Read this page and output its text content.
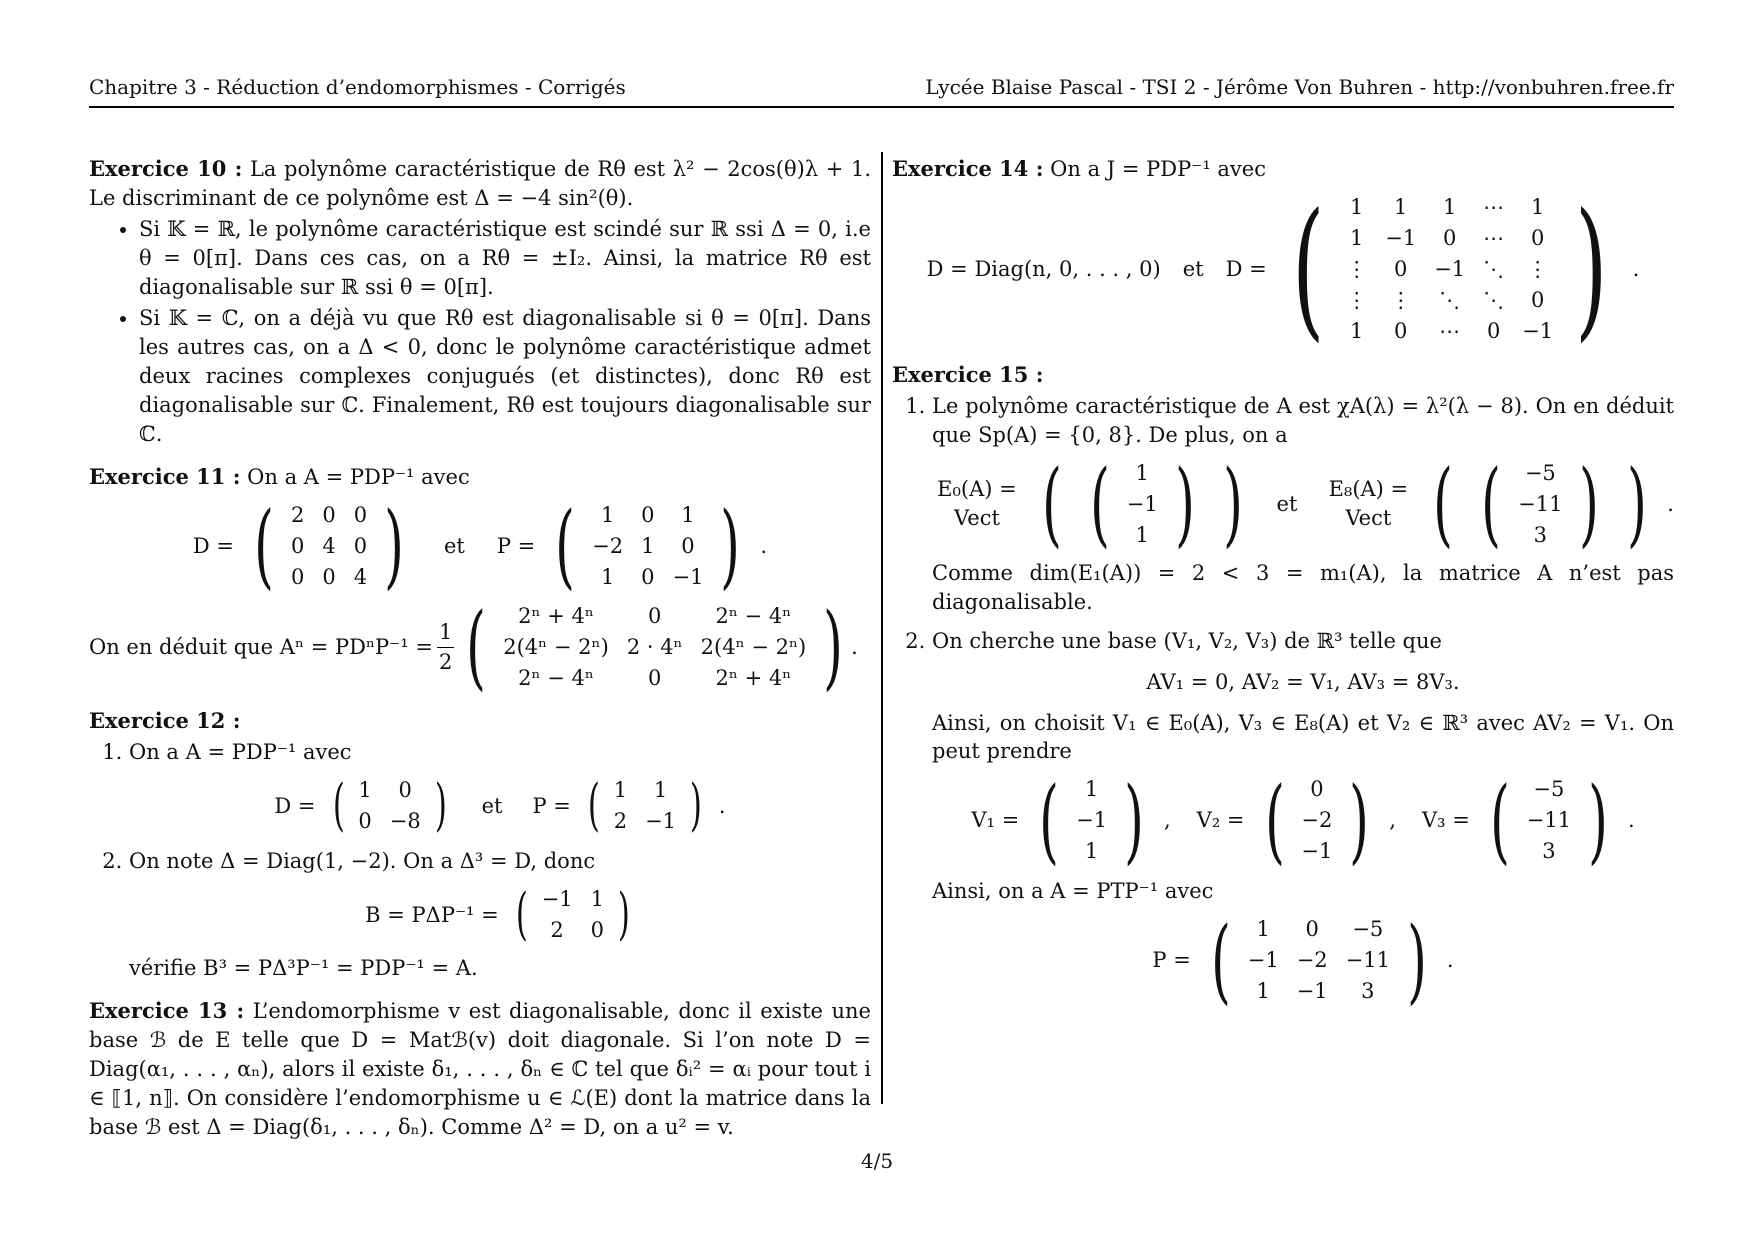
Chapitre 3 - Réduction d’endomorphismes - Corrigés	Lycée Blaise Pascal - TSI 2 - Jérôme Von Buhren - http://vonbuhren.free.fr
Exercice 10 : La polynôme caractéristique de Rθ est λ² − 2cos(θ)λ + 1. Le discriminant de ce polynôme est Δ = −4 sin²(θ).
• Si 𝕂 = ℝ, le polynôme caractéristique est scindé sur ℝ ssi Δ = 0, i.e θ = 0[π]. Dans ces cas, on a Rθ = ±I₂. Ainsi, la matrice Rθ est diagonalisable sur ℝ ssi θ = 0[π].
• Si 𝕂 = ℂ, on a déjà vu que Rθ est diagonalisable si θ = 0[π]. Dans les autres cas, on a Δ < 0, donc le polynôme caractéristique admet deux racines complexes conjugués (et distinctes), donc Rθ est diagonalisable sur ℂ. Finalement, Rθ est toujours diagonalisable sur ℂ.
Exercice 11 : On a A = PDP⁻¹ avec
D = ( 2	0	0
0	4	0
0	0	4 ) et P = ( 1	0	1
−2	1	0
1	0	−1 ) .
On en déduit que $A^n = PD^nP^{-1} = \frac{1}{2}$ ( 2ⁿ + 4ⁿ	0	2ⁿ − 4ⁿ
2(4ⁿ − 2ⁿ)	2 · 4ⁿ	2(4ⁿ − 2ⁿ)
2ⁿ − 4ⁿ	0	2ⁿ + 4ⁿ ) .
Exercice 12 :
1. On a A = PDP⁻¹ avec
D = ( 1	0
0	−8 ) et P = ( 1	1
2	−1 ) .
2. On note Δ = Diag(1, −2). On a Δ³ = D, donc
B = PΔP⁻¹ = ( −1	1
2	0 )
vérifie B³ = PΔ³P⁻¹ = PDP⁻¹ = A.
Exercice 13 : L’endomorphisme v est diagonalisable, donc il existe une base ℬ de E telle que D = Matℬ(v) doit diagonale. Si l’on note D = Diag(α₁, . . . , αₙ), alors il existe δ₁, . . . , δₙ ∈ ℂ tel que δᵢ² = αᵢ pour tout i ∈ ⟦1, n⟧. On considère l’endomorphisme u ∈ ℒ(E) dont la matrice dans la base ℬ est Δ = Diag(δ₁, . . . , δₙ). Comme Δ² = D, on a u² = v.
Exercice 14 : On a J = PDP⁻¹ avec
D = Diag(n, 0, . . . , 0) et D = ( 1	1	1	⋯	1
1	−1	0	⋯	0
⋮	0	−1	⋱	⋮
⋮	⋮	⋱	⋱	0
1	0	⋯	0	−1 ) .
Exercice 15 :
1. Le polynôme caractéristique de A est χA(λ) = λ²(λ − 8). On en déduit que Sp(A) = {0, 8}. De plus, on a
E₀(A) = Vect ( ( 1
−1
1 ) ) et
E₈(A) = Vect ( ( −5
−11
3 ) ) .
Comme dim(E₁(A)) = 2 < 3 = m₁(A), la matrice A n’est pas diagonalisable.
2. On cherche une base (V₁, V₂, V₃) de ℝ³ telle que
AV₁ = 0, AV₂ = V₁, AV₃ = 8V₃.
Ainsi, on choisit V₁ ∈ E₀(A), V₃ ∈ E₈(A) et V₂ ∈ ℝ³ avec AV₂ = V₁. On peut prendre
V₁ = ( 1
−1
1 ) , V₂ = ( 0
−2
−1 ) , V₃ = ( −5
−11
3 ) .
Ainsi, on a A = PTP⁻¹ avec
P = ( 1	0	−5
−1	−2	−11
1	−1	3 ) .
4/5
